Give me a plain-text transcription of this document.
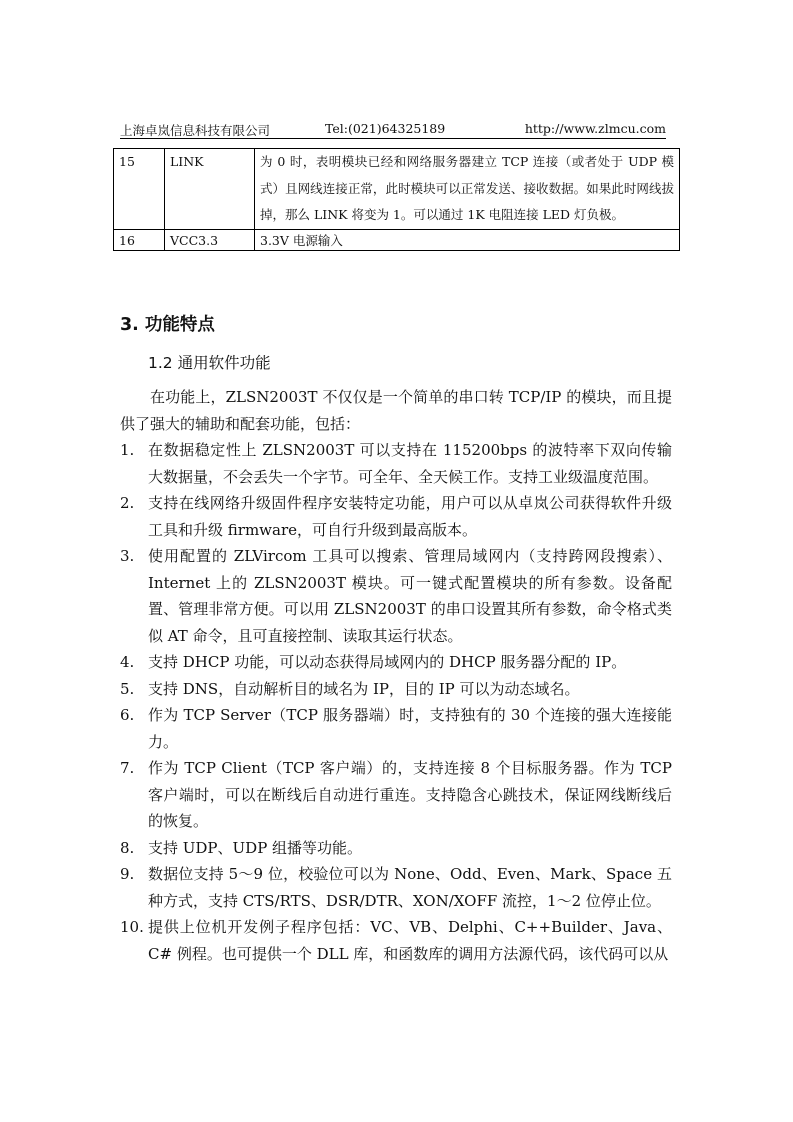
上海卓岚信息科技有限公司	Tel:(021)64325189	http://www.zlmcu.com
15	LINK	为 0 时，表明模块已经和网络服务器建立 TCP 连接（或者处于 UDP 模式）且网线连接正常，此时模块可以正常发送、接收数据。如果此时网线拔掉，那么 LINK 将变为 1。可以通过 1K 电阻连接 LED 灯负极。
16	VCC3.3	3.3V 电源输入
3. 功能特点
1.2 通用软件功能

在功能上，ZLSN2003T 不仅仅是一个简单的串口转 TCP/IP 的模块，而且提供了强大的辅助和配套功能，包括：

1. 在数据稳定性上 ZLSN2003T 可以支持在 115200bps 的波特率下双向传输大数据量，不会丢失一个字节。可全年、全天候工作。支持工业级温度范围。
2. 支持在线网络升级固件程序安装特定功能，用户可以从卓岚公司获得软件升级工具和升级 firmware，可自行升级到最高版本。
3. 使用配置的 ZLVircom 工具可以搜索、管理局域网内（支持跨网段搜索）、Internet 上的 ZLSN2003T 模块。可一键式配置模块的所有参数。设备配置、管理非常方便。可以用 ZLSN2003T 的串口设置其所有参数，命令格式类似 AT 命令，且可直接控制、读取其运行状态。
4. 支持 DHCP 功能，可以动态获得局域网内的 DHCP 服务器分配的 IP。
5. 支持 DNS，自动解析目的域名为 IP，目的 IP 可以为动态域名。
6. 作为 TCP Server（TCP 服务器端）时，支持独有的 30 个连接的强大连接能力。
7. 作为 TCP Client（TCP 客户端）的，支持连接 8 个目标服务器。作为 TCP 客户端时，可以在断线后自动进行重连。支持隐含心跳技术，保证网线断线后的恢复。
8. 支持 UDP、UDP 组播等功能。
9. 数据位支持 5～9 位，校验位可以为 None、Odd、Even、Mark、Space 五种方式，支持 CTS/RTS、DSR/DTR、XON/XOFF 流控，1～2 位停止位。
10. 提供上位机开发例子程序包括：VC、VB、Delphi、C++Builder、Java、C# 例程。也可提供一个 DLL 库，和函数库的调用方法源代码，该代码可以从
